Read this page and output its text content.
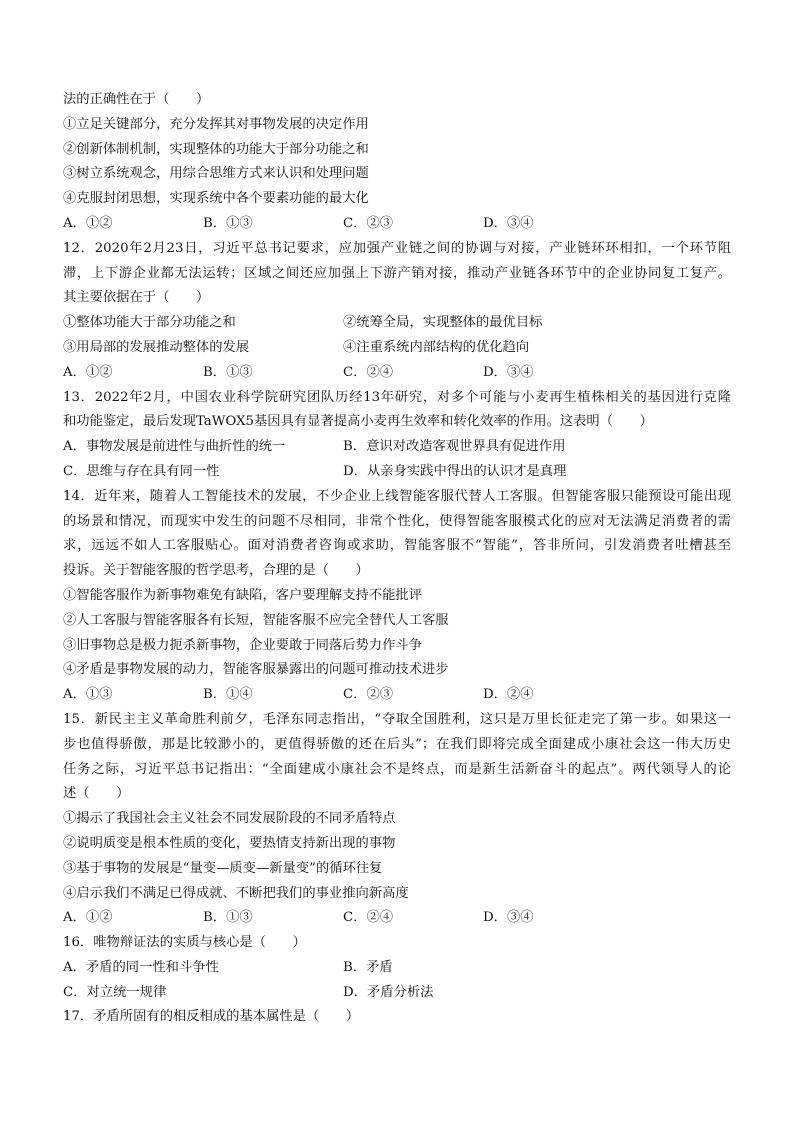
法的正确性在于（　　）
①立足关键部分，充分发挥其对事物发展的决定作用
②创新体制机制，实现整体的功能大于部分功能之和
③树立系统观念，用综合思维方式来认识和处理问题
④克服封闭思想，实现系统中各个要素功能的最大化
A．①②	B．①③	C．②③	D．③④
12．2020年2月23日，习近平总书记要求，应加强产业链之间的协调与对接，产业链环环相扣，一个环节阻
滞，上下游企业都无法运转；区域之间还应加强上下游产销对接，推动产业链各环节中的企业协同复工复产。
其主要依据在于（　　）
①整体功能大于部分功能之和	②统筹全局，实现整体的最优目标
③用局部的发展推动整体的发展	④注重系统内部结构的优化趋向
A．①②	B．①③	C．②④	D．③④
13．2022年2月，中国农业科学院研究团队历经13年研究，对多个可能与小麦再生植株相关的基因进行克隆
和功能鉴定，最后发现TaWOX5基因具有显著提高小麦再生效率和转化效率的作用。这表明（　　）
A．事物发展是前进性与曲折性的统一	B．意识对改造客观世界具有促进作用
C．思维与存在具有同一性	D．从亲身实践中得出的认识才是真理
14．近年来，随着人工智能技术的发展，不少企业上线智能客服代替人工客服。但智能客服只能预设可能出现
的场景和情况，而现实中发生的问题不尽相同，非常个性化，使得智能客服模式化的应对无法满足消费者的需
求，远远不如人工客服贴心。面对消费者咨询或求助，智能客服不“智能”，答非所问，引发消费者吐槽甚至
投诉。关于智能客服的哲学思考，合理的是（　　）
①智能客服作为新事物难免有缺陷，客户要理解支持不能批评
②人工客服与智能客服各有长短，智能客服不应完全替代人工客服
③旧事物总是极力扼杀新事物，企业要敢于同落后势力作斗争
④矛盾是事物发展的动力，智能客服暴露出的问题可推动技术进步
A．①③	B．①④	C．②③	D．②④
15．新民主主义革命胜利前夕，毛泽东同志指出，“夺取全国胜利，这只是万里长征走完了第一步。如果这一
步也值得骄傲，那是比较渺小的，更值得骄傲的还在后头”；在我们即将完成全面建成小康社会这一伟大历史
任务之际，习近平总书记指出：“全面建成小康社会不是终点，而是新生活新奋斗的起点”。两代领导人的论
述（　　）
①揭示了我国社会主义社会不同发展阶段的不同矛盾特点
②说明质变是根本性质的变化，要热情支持新出现的事物
③基于事物的发展是“量变—质变—新量变”的循环往复
④启示我们不满足已得成就、不断把我们的事业推向新高度
A．①②	B．①③	C．②④	D．③④
16．唯物辩证法的实质与核心是（　　）
A．矛盾的同一性和斗争性	B．矛盾
C．对立统一规律	D．矛盾分析法
17．矛盾所固有的相反相成的基本属性是（　　）
